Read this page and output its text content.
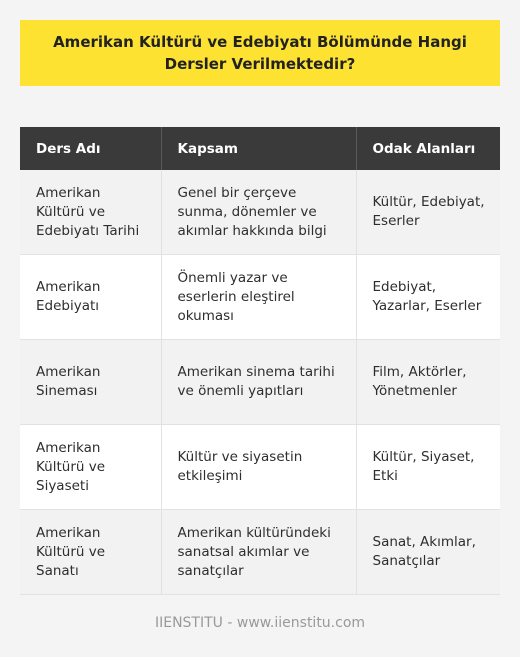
Amerikan Kültürü ve Edebiyatı Bölümünde Hangi Dersler Verilmektedir?
Ders Adı	Kapsam	Odak Alanları
Amerikan Kültürü ve Edebiyatı Tarihi	Genel bir çerçeve sunma, dönemler ve akımlar hakkında bilgi	Kültür, Edebiyat, Eserler
Amerikan Edebiyatı	Önemli yazar ve eserlerin eleştirel okuması	Edebiyat, Yazarlar, Eserler
Amerikan Sineması	Amerikan sinema tarihi ve önemli yapıtları	Film, Aktörler, Yönetmenler
Amerikan Kültürü ve Siyaseti	Kültür ve siyasetin etkileşimi	Kültür, Siyaset, Etki
Amerikan Kültürü ve Sanatı	Amerikan kültüründeki sanatsal akımlar ve sanatçılar	Sanat, Akımlar, Sanatçılar
IIENSTITU - www.iienstitu.com
